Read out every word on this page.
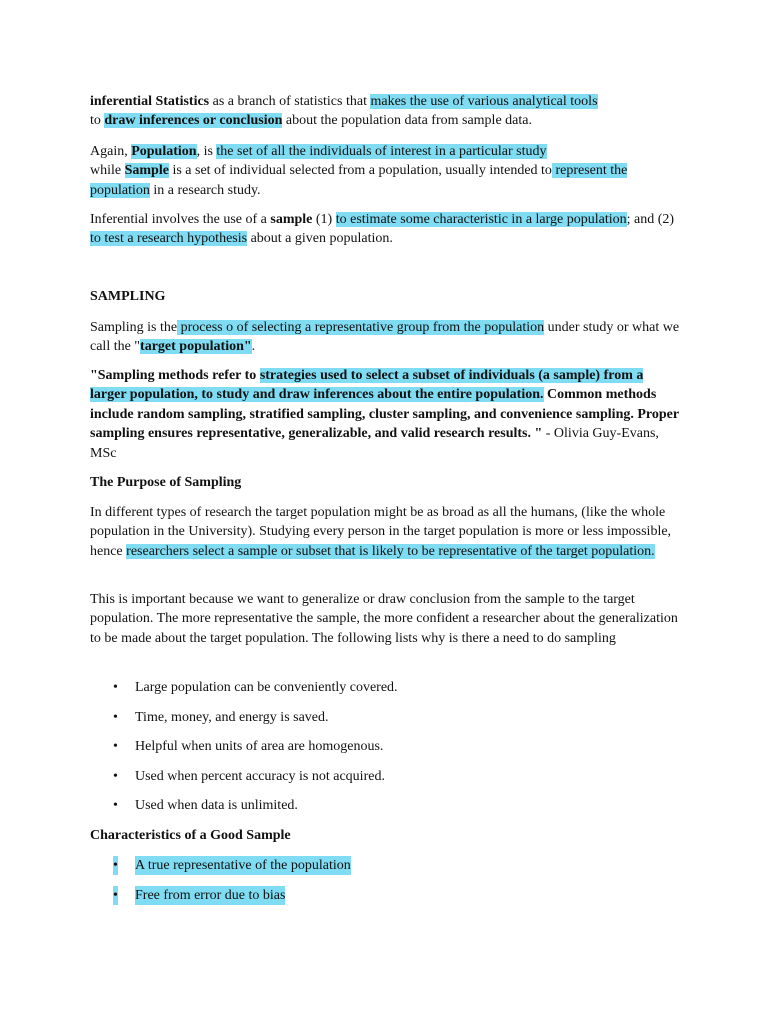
inferential Statistics as a branch of statistics that makes the use of various analytical tools
to draw inferences or conclusion about the population data from sample data.

Again, Population, is the set of all the individuals of interest in a particular study
while Sample is a set of individual selected from a population, usually intended to represent the population in a research study.

Inferential involves the use of a sample (1) to estimate some characteristic in a large population; and (2) to test a research hypothesis about a given population.

SAMPLING

Sampling is the process o of selecting a representative group from the population under study or what we call the "target population".

"Sampling methods refer to strategies used to select a subset of individuals (a sample) from a larger population, to study and draw inferences about the entire population. Common methods include random sampling, stratified sampling, cluster sampling, and convenience sampling. Proper sampling ensures representative, generalizable, and valid research results. " - Olivia Guy-Evans, MSc

The Purpose of Sampling

In different types of research the target population might be as broad as all the humans, (like the whole population in the University). Studying every person in the target population is more or less impossible, hence researchers select a sample or subset that is likely to be representative of the target population.

This is important because we want to generalize or draw conclusion from the sample to the target population. The more representative the sample, the more confident a researcher about the generalization to be made about the target population. The following lists why is there a need to do sampling

• Large population can be conveniently covered.
• Time, money, and energy is saved.
• Helpful when units of area are homogenous.
• Used when percent accuracy is not acquired.
• Used when data is unlimited.

Characteristics of a Good Sample

• A true representative of the population
• Free from error due to bias
